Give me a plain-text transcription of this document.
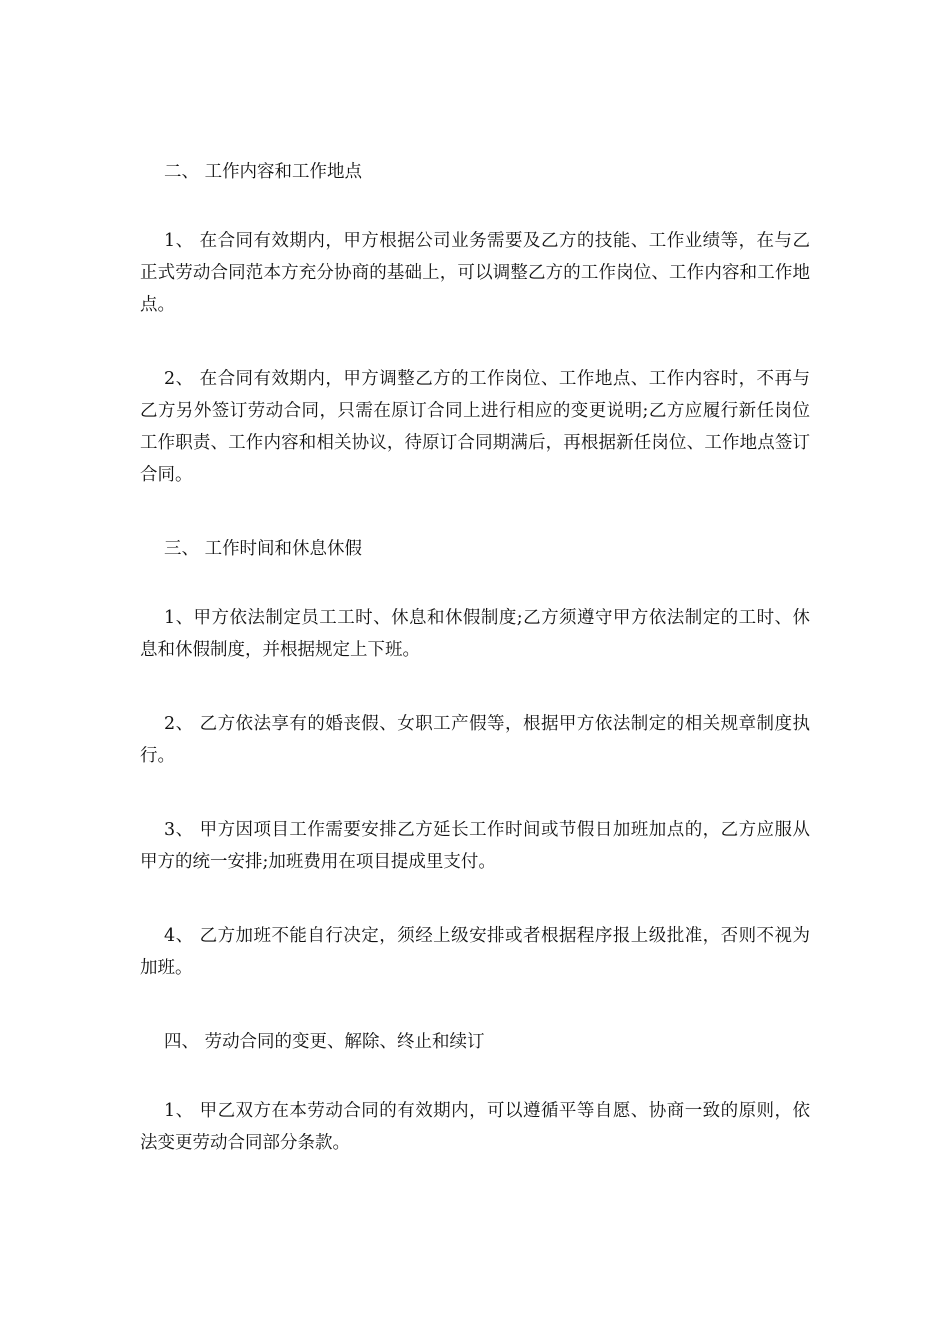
二、 工作内容和工作地点

1、 在合同有效期内，甲方根据公司业务需要及乙方的技能、工作业绩等，在与乙正式劳动合同范本方充分协商的基础上，可以调整乙方的工作岗位、工作内容和工作地点。

2、 在合同有效期内，甲方调整乙方的工作岗位、工作地点、工作内容时，不再与乙方另外签订劳动合同，只需在原订合同上进行相应的变更说明;乙方应履行新任岗位工作职责、工作内容和相关协议，待原订合同期满后，再根据新任岗位、工作地点签订合同。

三、 工作时间和休息休假

1、甲方依法制定员工工时、休息和休假制度;乙方须遵守甲方依法制定的工时、休息和休假制度，并根据规定上下班。

2、 乙方依法享有的婚丧假、女职工产假等，根据甲方依法制定的相关规章制度执行。

3、 甲方因项目工作需要安排乙方延长工作时间或节假日加班加点的，乙方应服从甲方的统一安排;加班费用在项目提成里支付。

4、 乙方加班不能自行决定，须经上级安排或者根据程序报上级批准，否则不视为加班。

四、 劳动合同的变更、解除、终止和续订

1、 甲乙双方在本劳动合同的有效期内，可以遵循平等自愿、协商一致的原则，依法变更劳动合同部分条款。
